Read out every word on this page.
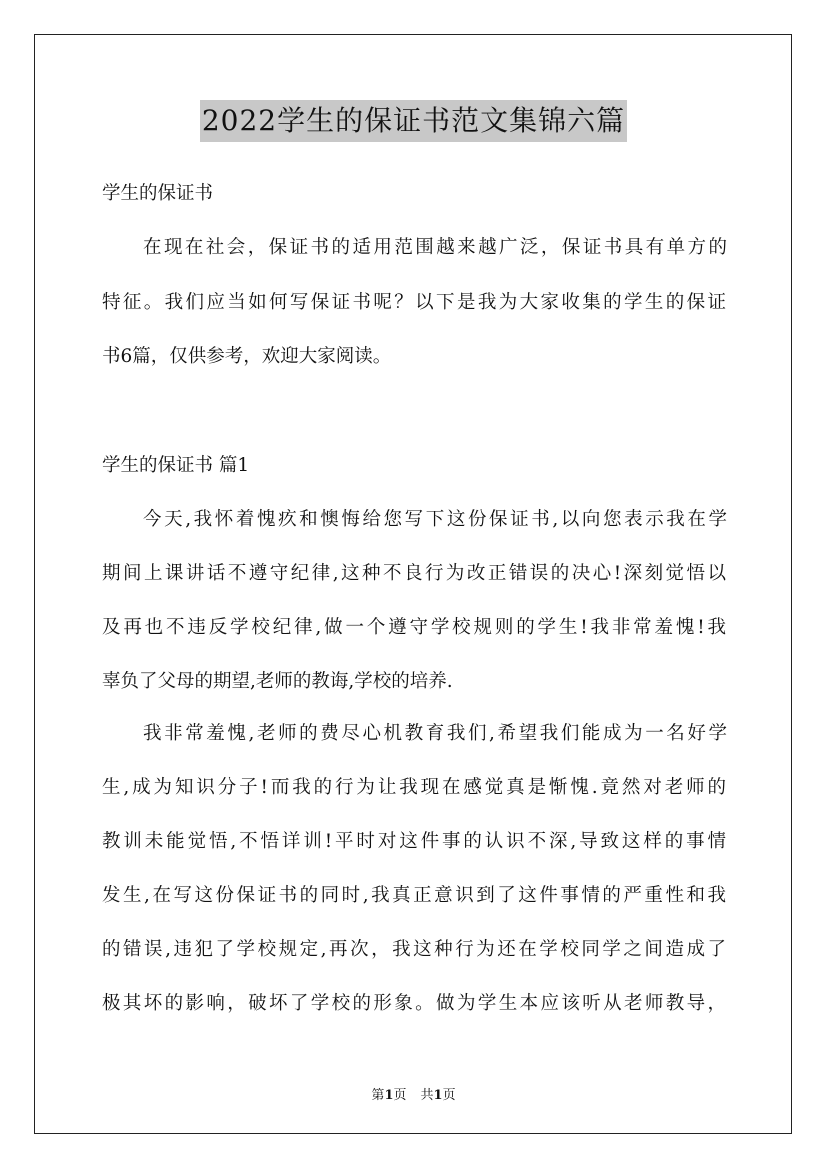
2022学生的保证书范文集锦六篇
学生的保证书
在现在社会，保证书的适用范围越来越广泛，保证书具有单方的
特征。我们应当如何写保证书呢？以下是我为大家收集的学生的保证
书6篇，仅供参考，欢迎大家阅读。
学生的保证书 篇1
今天,我怀着愧疚和懊悔给您写下这份保证书,以向您表示我在学
期间上课讲话不遵守纪律,这种不良行为改正错误的决心!深刻觉悟以
及再也不违反学校纪律,做一个遵守学校规则的学生!我非常羞愧!我
辜负了父母的期望,老师的教诲,学校的培养.
我非常羞愧,老师的费尽心机教育我们,希望我们能成为一名好学
生,成为知识分子!而我的行为让我现在感觉真是惭愧.竟然对老师的
教训未能觉悟,不悟详训!平时对这件事的认识不深,导致这样的事情
发生,在写这份保证书的同时,我真正意识到了这件事情的严重性和我
的错误,违犯了学校规定,再次，我这种行为还在学校同学之间造成了
极其坏的影响，破坏了学校的形象。做为学生本应该听从老师教导，
第1页 共1页
